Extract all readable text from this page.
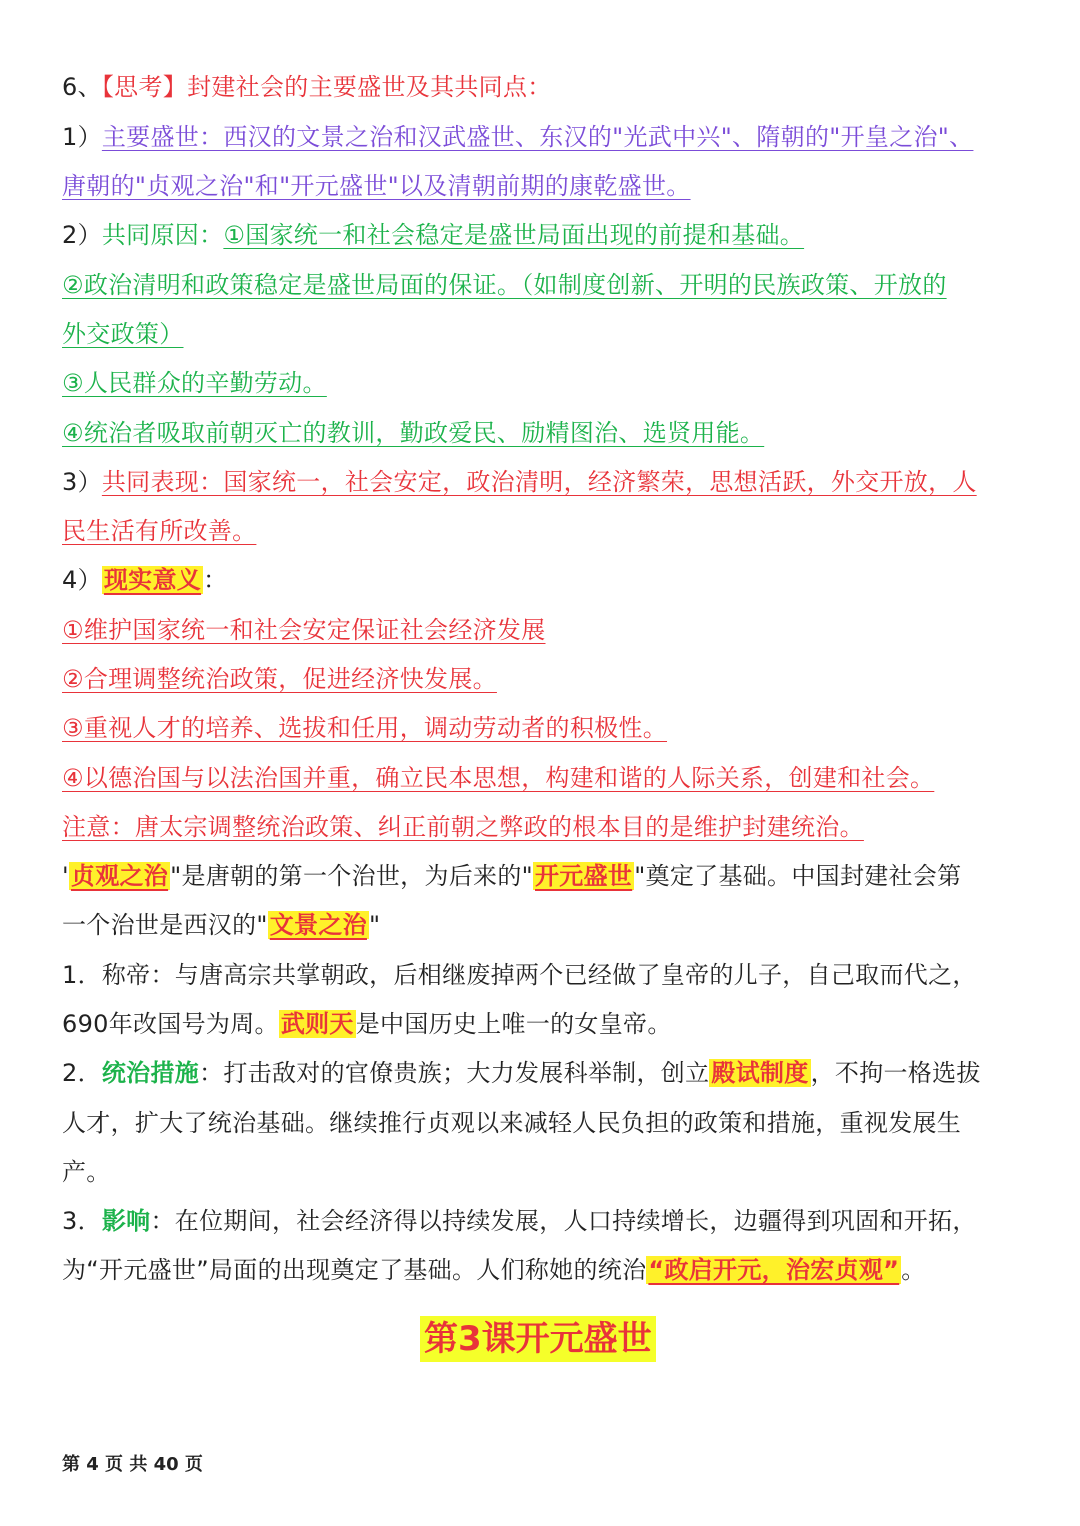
6、【思考】封建社会的主要盛世及其共同点：
1）主要盛世：西汉的文景之治和汉武盛世、东汉的"光武中兴"、隋朝的"开皇之治"、
唐朝的"贞观之治"和"开元盛世"以及清朝前期的康乾盛世。
2）共同原因：①国家统一和社会稳定是盛世局面出现的前提和基础。
②政治清明和政策稳定是盛世局面的保证。（如制度创新、开明的民族政策、开放的
外交政策）
③人民群众的辛勤劳动。
④统治者吸取前朝灭亡的教训，勤政爱民、励精图治、选贤用能。
3）共同表现：国家统一，社会安定，政治清明，经济繁荣，思想活跃，外交开放，人
民生活有所改善。
4）现实意义：
①维护国家统一和社会安定保证社会经济发展
②合理调整统治政策，促进经济快发展。
③重视人才的培养、选拔和任用，调动劳动者的积极性。
④以德治国与以法治国并重，确立民本思想，构建和谐的人际关系，创建和社会。
注意：唐太宗调整统治政策、纠正前朝之弊政的根本目的是维护封建统治。
'贞观之治"是唐朝的第一个治世，为后来的"开元盛世"奠定了基础。中国封建社会第
一个治世是西汉的"文景之治"
1．称帝：与唐高宗共掌朝政，后相继废掉两个已经做了皇帝的儿子，自己取而代之，
690年改国号为周。武则天是中国历史上唯一的女皇帝。
2．统治措施：打击敌对的官僚贵族；大力发展科举制，创立殿试制度，不拘一格选拔
人才，扩大了统治基础。继续推行贞观以来减轻人民负担的政策和措施，重视发展生
产。
3．影响：在位期间，社会经济得以持续发展，人口持续增长，边疆得到巩固和开拓，
为“开元盛世”局面的出现奠定了基础。人们称她的统治“政启开元，治宏贞观”。
第3课开元盛世
第 4 页 共 40 页
